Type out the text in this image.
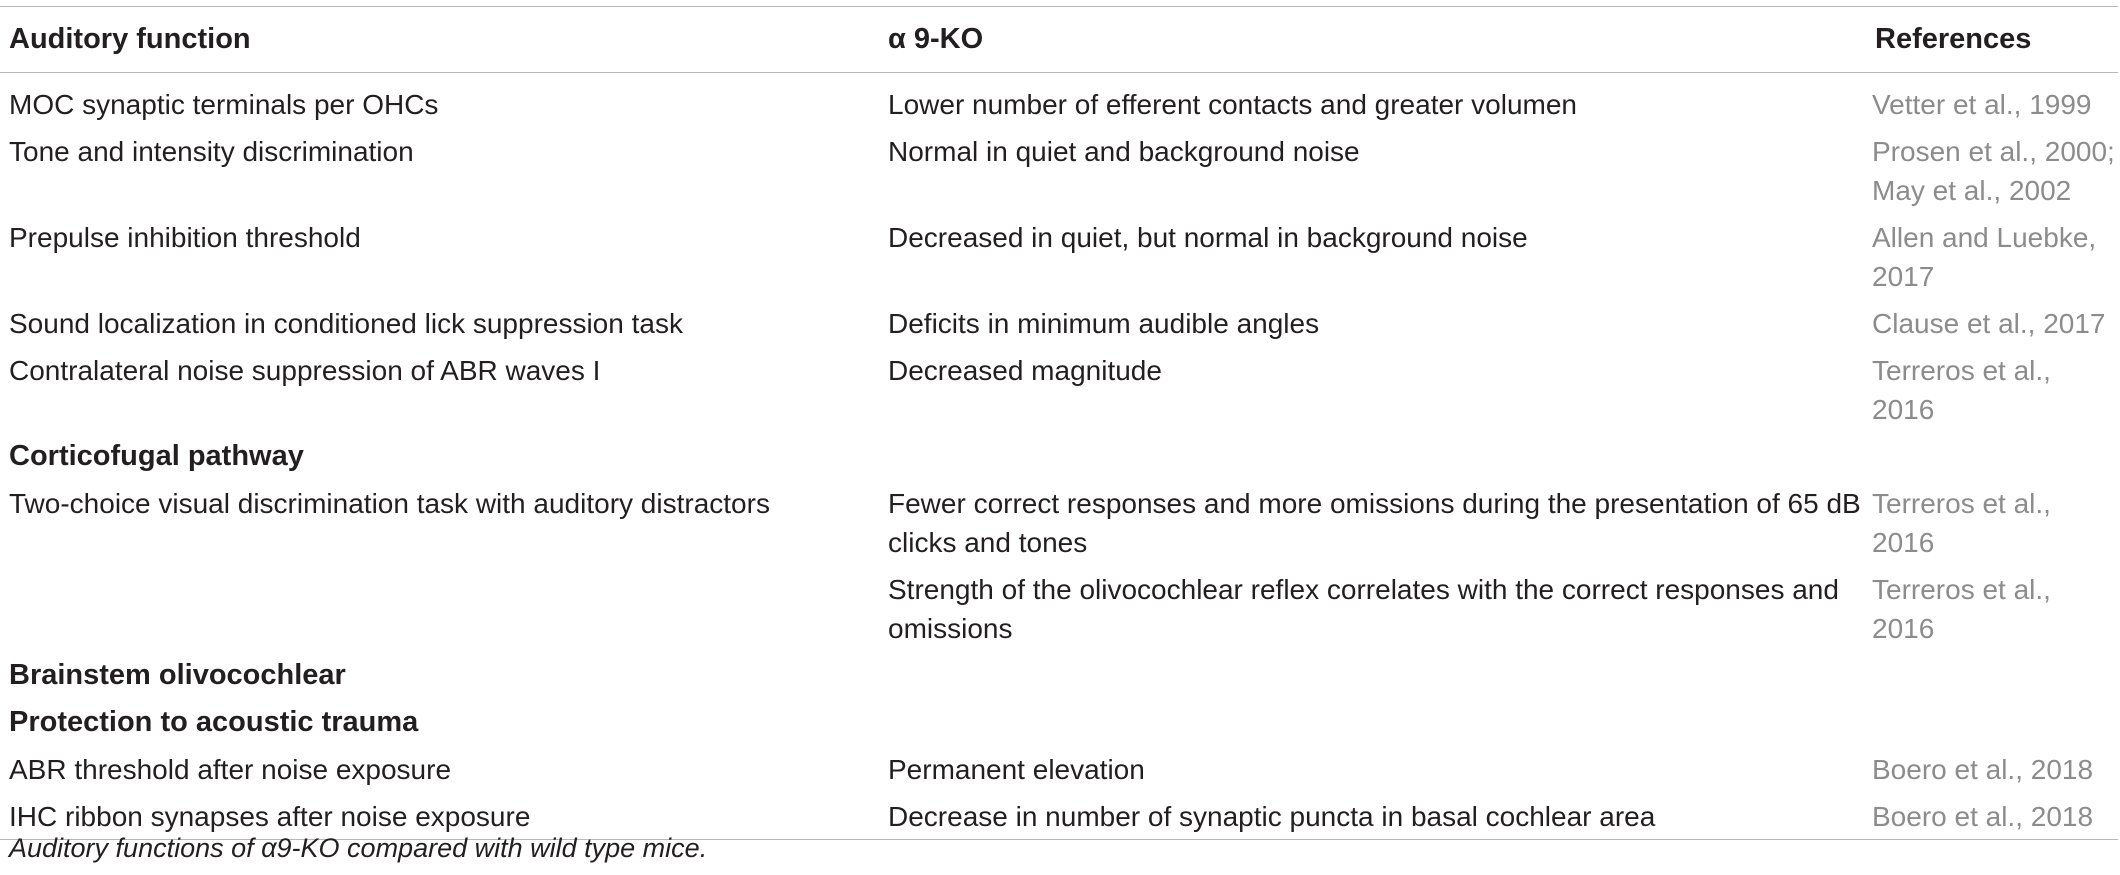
Auditory function	α 9-KO	References
MOC synaptic terminals per OHCs	Lower number of efferent contacts and greater volumen	Vetter et al., 1999
Tone and intensity discrimination	Normal in quiet and background noise	Prosen et al., 2000; May et al., 2002
Prepulse inhibition threshold	Decreased in quiet, but normal in background noise	Allen and Luebke, 2017
Sound localization in conditioned lick suppression task	Deficits in minimum audible angles	Clause et al., 2017
Contralateral noise suppression of ABR waves I	Decreased magnitude	Terreros et al., 2016
Corticofugal pathway		
Two-choice visual discrimination task with auditory distractors	Fewer correct responses and more omissions during the presentation of 65 dB clicks and tones	Terreros et al., 2016
	Strength of the olivocochlear reflex correlates with the correct responses and omissions	Terreros et al., 2016
Brainstem olivocochlear		
Protection to acoustic trauma		
ABR threshold after noise exposure	Permanent elevation	Boero et al., 2018
IHC ribbon synapses after noise exposure	Decrease in number of synaptic puncta in basal cochlear area	Boero et al., 2018
Auditory functions of α9-KO compared with wild type mice.
